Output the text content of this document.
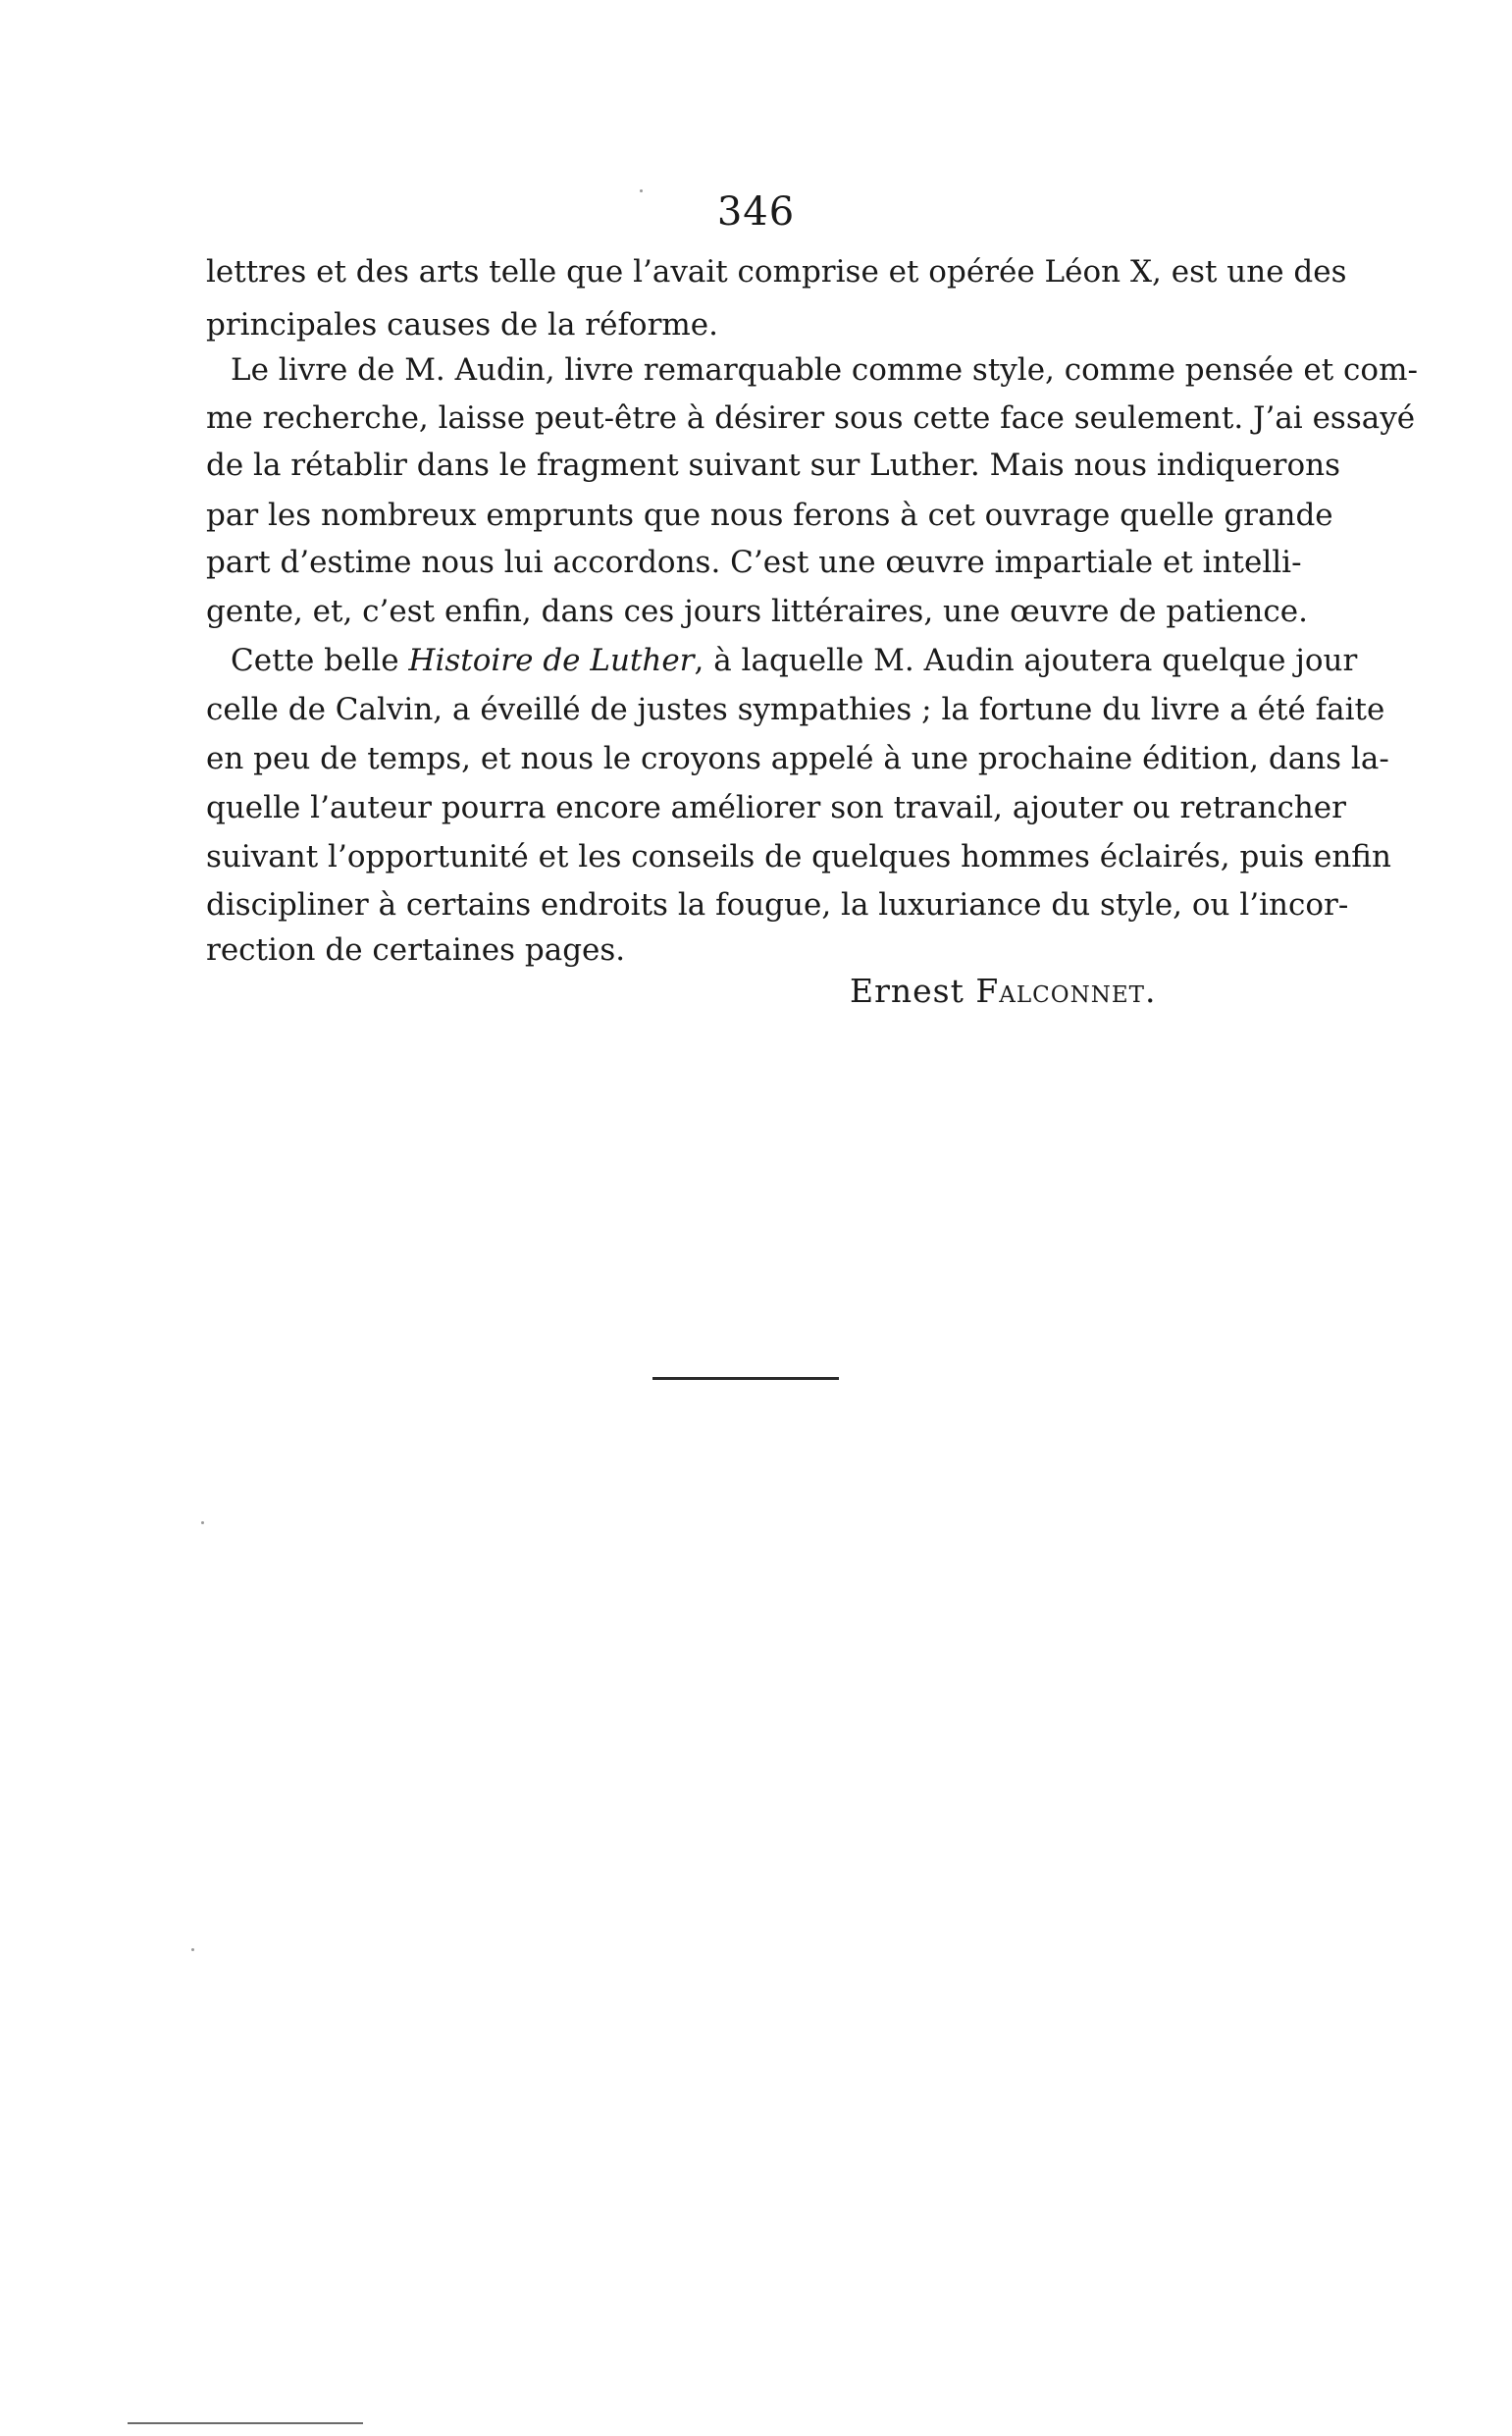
346
lettres et des arts telle que l’avait comprise et opérée Léon X, est une des
principales causes de la réforme.
Le livre de M. Audin, livre remarquable comme style, comme pensée et com-
me recherche, laisse peut-être à désirer sous cette face seulement. J’ai essayé
de la rétablir dans le fragment suivant sur Luther. Mais nous indiquerons
par les nombreux emprunts que nous ferons à cet ouvrage quelle grande
part d’estime nous lui accordons. C’est une œuvre impartiale et intelli-
gente, et, c’est enfin, dans ces jours littéraires, une œuvre de patience.
Cette belle Histoire de Luther, à laquelle M. Audin ajoutera quelque jour
celle de Calvin, a éveillé de justes sympathies ; la fortune du livre a été faite
en peu de temps, et nous le croyons appelé à une prochaine édition, dans la-
quelle l’auteur pourra encore améliorer son travail, ajouter ou retrancher
suivant l’opportunité et les conseils de quelques hommes éclairés, puis enfin
discipliner à certains endroits la fougue, la luxuriance du style, ou l’incor-
rection de certaines pages.
Ernest Falconnet.
